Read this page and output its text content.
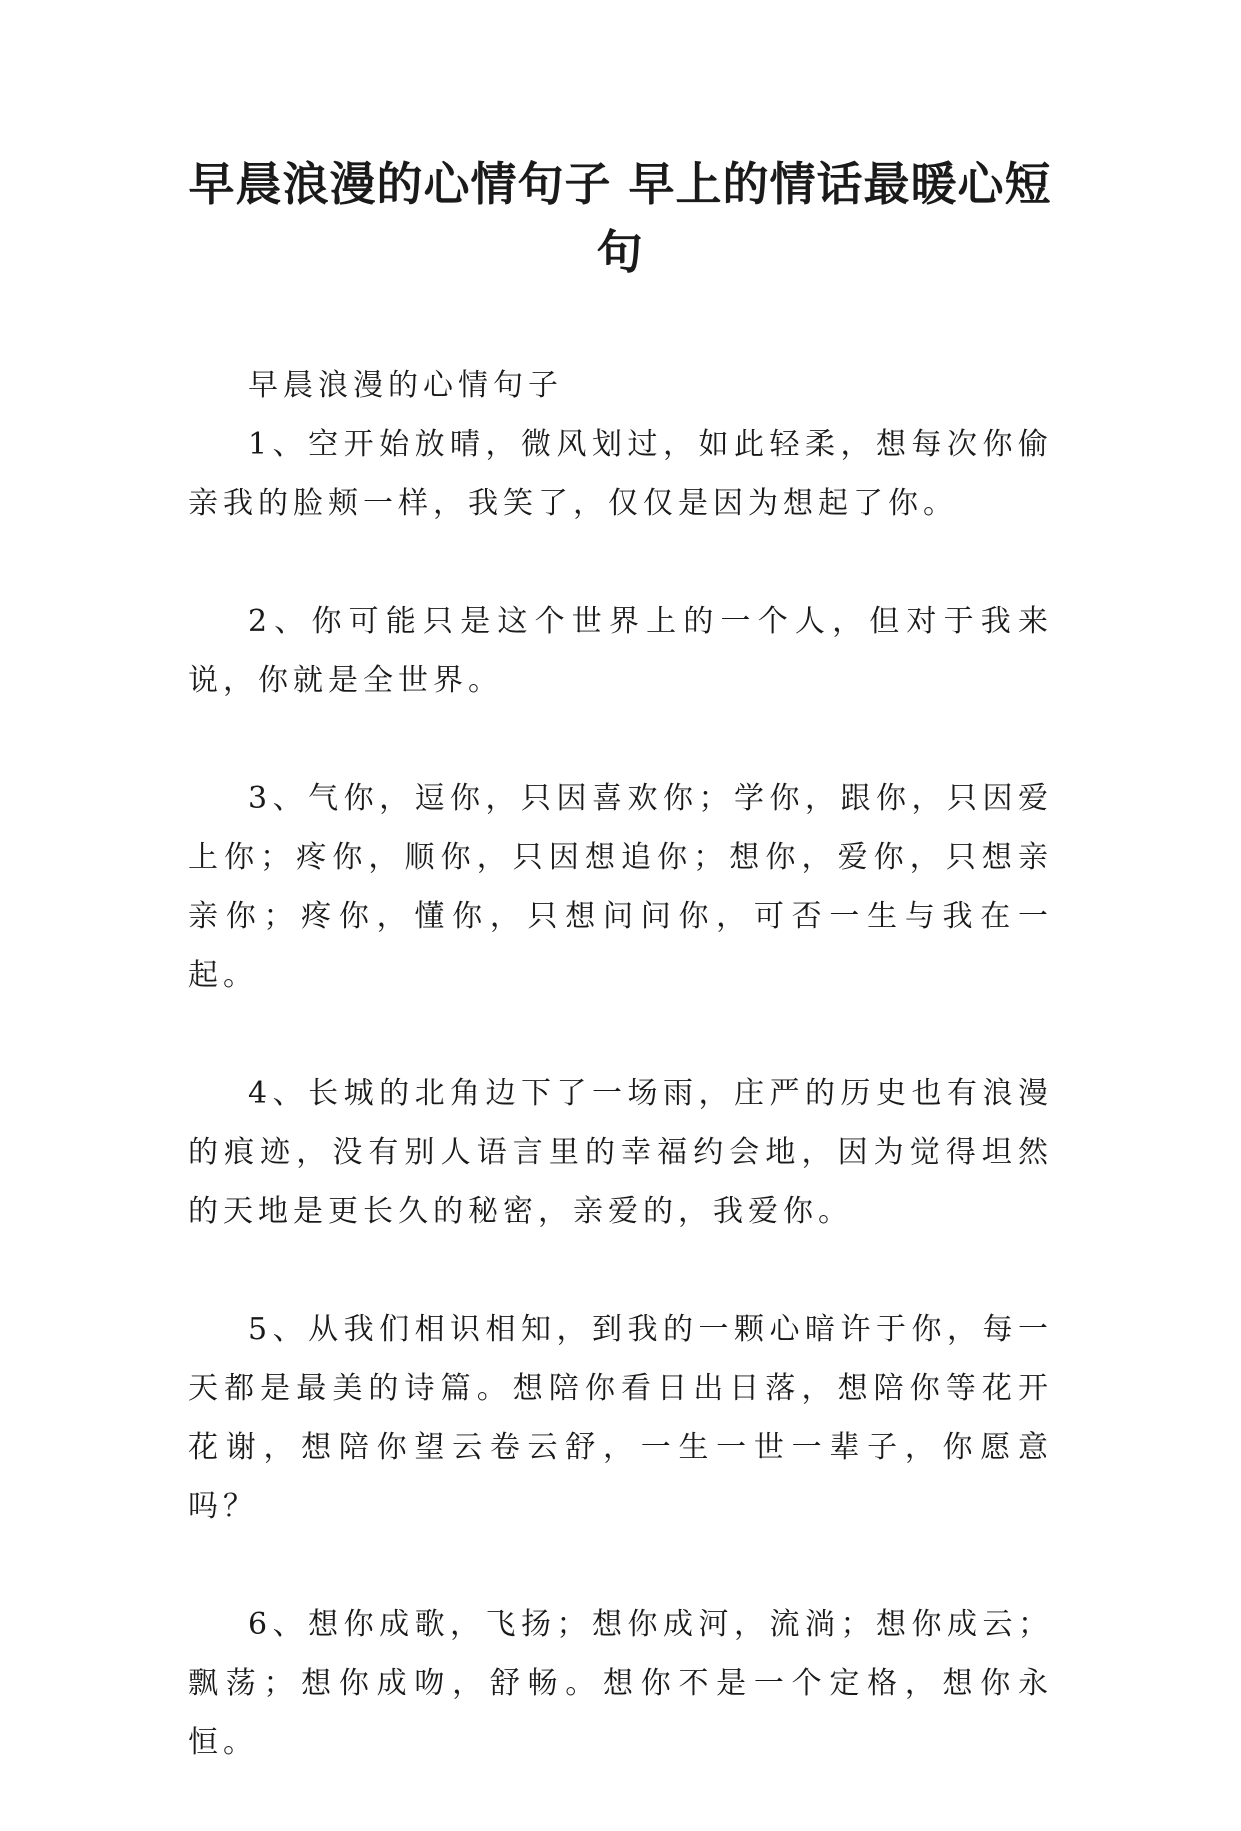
早晨浪漫的心情句子 早上的情话最暖心短句

早晨浪漫的心情句子

1、空开始放晴，微风划过，如此轻柔，想每次你偷亲我的脸颊一样，我笑了，仅仅是因为想起了你。

2、你可能只是这个世界上的一个人，但对于我来说，你就是全世界。

3、气你，逗你，只因喜欢你；学你，跟你，只因爱上你；疼你，顺你，只因想追你；想你，爱你，只想亲亲你；疼你，懂你，只想问问你，可否一生与我在一起。

4、长城的北角边下了一场雨，庄严的历史也有浪漫的痕迹，没有别人语言里的幸福约会地，因为觉得坦然的天地是更长久的秘密，亲爱的，我爱你。

5、从我们相识相知，到我的一颗心暗许于你，每一天都是最美的诗篇。想陪你看日出日落，想陪你等花开花谢，想陪你望云卷云舒，一生一世一辈子，你愿意吗？

6、想你成歌，飞扬；想你成河，流淌；想你成云；飘荡；想你成吻，舒畅。想你不是一个定格，想你永恒。
